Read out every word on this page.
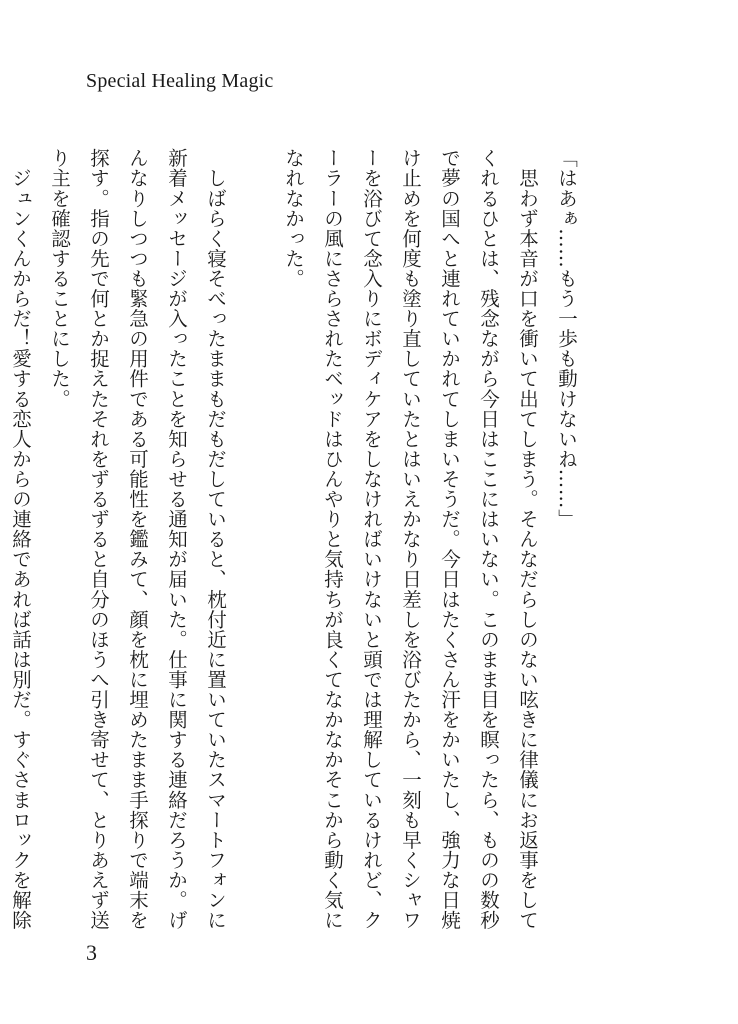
Special Healing Magic
「はあぁ……もう一歩も動けないね……」
　思わず本音が口を衝いて出てしまう。そんなだらしのない呟きに律儀にお返事をして
くれるひとは、残念ながら今日はここにはいない。このまま目を瞑ったら、ものの数秒
で夢の国へと連れていかれてしまいそうだ。今日はたくさん汗をかいたし、強力な日焼
け止めを何度も塗り直していたとはいえかなり日差しを浴びたから、一刻も早くシャワ
ーを浴びて念入りにボディケアをしなければいけないと頭では理解しているけれど、ク
ーラーの風にさらされたベッドはひんやりと気持ちが良くてなかなかそこから動く気に
なれなかった。
　しばらく寝そべったままもだもだしていると、枕付近に置いていたスマートフォンに
新着メッセージが入ったことを知らせる通知が届いた。仕事に関する連絡だろうか。げ
んなりしつつも緊急の用件である可能性を鑑みて、顔を枕に埋めたまま手探りで端末を
探す。指の先で何とか捉えたそれをずるずると自分のほうへ引き寄せて、とりあえず送
り主を確認することにした。
　ジュンくんからだ！愛する恋人からの連絡であれば話は別だ。すぐさまロックを解除
3
